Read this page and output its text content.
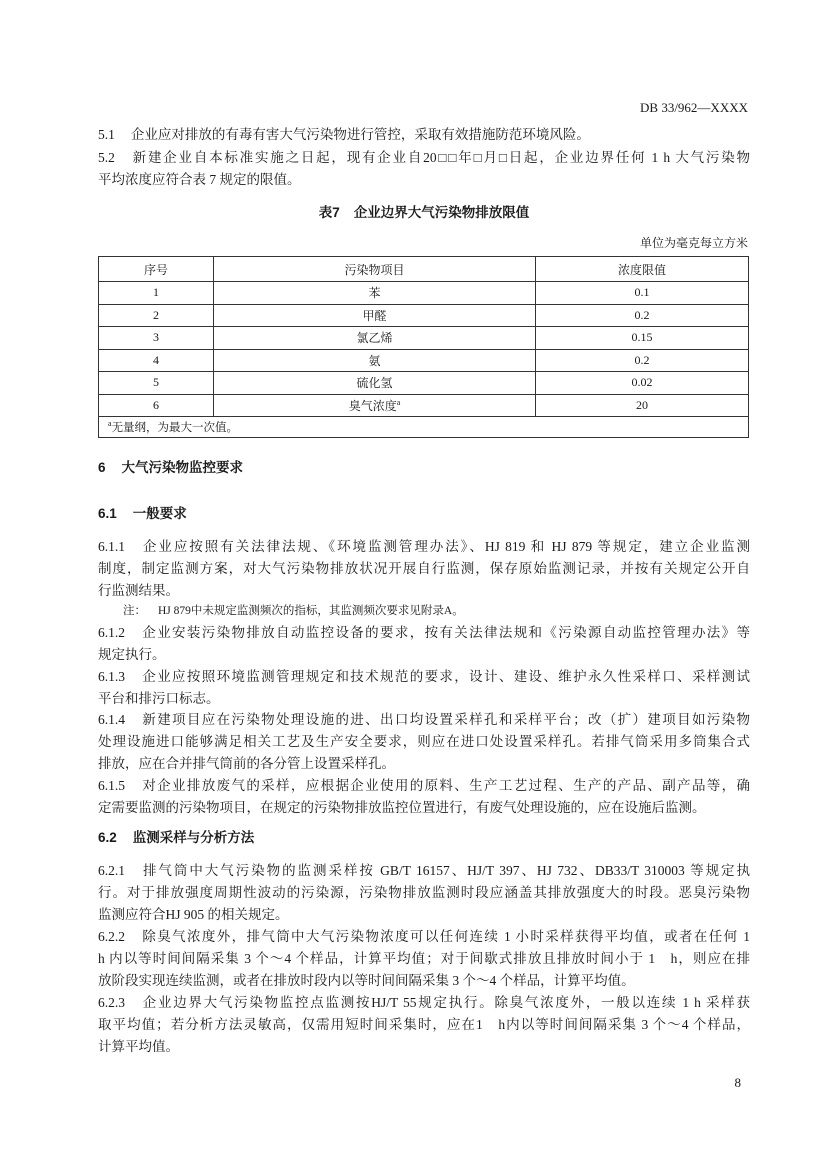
DB 33/962—XXXX
5.1 企业应对排放的有毒有害大气污染物进行管控，采取有效措施防范环境风险。
5.2 新建企业自本标准实施之日起，现有企业自20□□年□月□日起，企业边界任何 1 h 大气污染物
平均浓度应符合表 7 规定的限值。
表7 企业边界大气污染物排放限值
单位为毫克每立方米
序号	污染物项目	浓度限值
1	苯	0.1
2	甲醛	0.2
3	氯乙烯	0.15
4	氨	0.2
5	硫化氢	0.02
6	臭气浓度$^a$	20
$^a$无量纲，为最大一次值。		
6 大气污染物监控要求
6.1 一般要求
6.1.1 企业应按照有关法律法规、《环境监测管理办法》、HJ 819 和 HJ 879 等规定，建立企业监测
制度，制定监测方案，对大气污染物排放状况开展自行监测，保存原始监测记录，并按有关规定公开自
行监测结果。
注： HJ 879中未规定监测频次的指标，其监测频次要求见附录A。
6.1.2 企业安装污染物排放自动监控设备的要求，按有关法律法规和《污染源自动监控管理办法》等
规定执行。
6.1.3 企业应按照环境监测管理规定和技术规范的要求，设计、建设、维护永久性采样口、采样测试
平台和排污口标志。
6.1.4 新建项目应在污染物处理设施的进、出口均设置采样孔和采样平台；改（扩）建项目如污染物
处理设施进口能够满足相关工艺及生产安全要求，则应在进口处设置采样孔。若排气筒采用多筒集合式
排放，应在合并排气筒前的各分管上设置采样孔。
6.1.5 对企业排放废气的采样，应根据企业使用的原料、生产工艺过程、生产的产品、副产品等，确
定需要监测的污染物项目，在规定的污染物排放监控位置进行，有废气处理设施的，应在设施后监测。
6.2 监测采样与分析方法
6.2.1 排气筒中大气污染物的监测采样按 GB/T 16157、HJ/T 397、HJ 732、DB33/T 310003 等规定执
行。对于排放强度周期性波动的污染源，污染物排放监测时段应涵盖其排放强度大的时段。恶臭污染物
监测应符合HJ 905 的相关规定。
6.2.2 除臭气浓度外，排气筒中大气污染物浓度可以任何连续 1 小时采样获得平均值，或者在任何 1
h 内以等时间间隔采集 3 个～4 个样品，计算平均值；对于间歇式排放且排放时间小于 1　h，则应在排
放阶段实现连续监测，或者在排放时段内以等时间间隔采集 3 个～4 个样品，计算平均值。
6.2.3 企业边界大气污染物监控点监测按HJ/T 55规定执行。除臭气浓度外，一般以连续 1 h 采样获
取平均值；若分析方法灵敏高，仅需用短时间采集时，应在1　h内以等时间间隔采集 3 个～4 个样品，
计算平均值。
8
